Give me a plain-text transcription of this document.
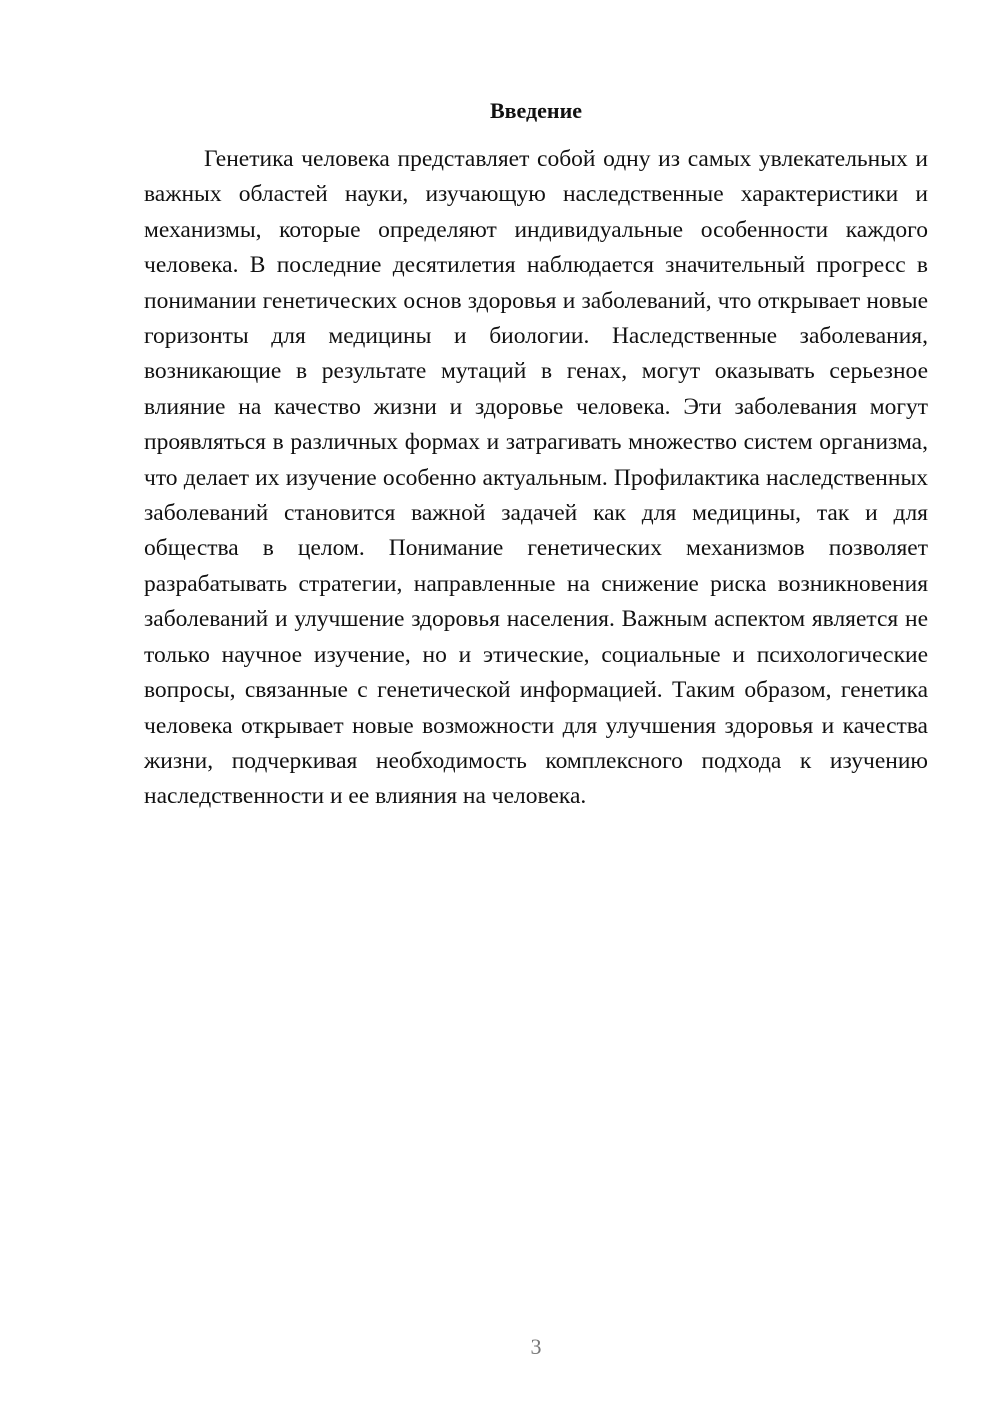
Введение

Генетика человека представляет собой одну из самых увлекательных и важных областей науки, изучающую наследственные характеристики и механизмы, которые определяют индивидуальные особенности каждого человека. В последние десятилетия наблюдается значительный прогресс в понимании генетических основ здоровья и заболеваний, что открывает новые горизонты для медицины и биологии. Наследственные заболевания, возникающие в результате мутаций в генах, могут оказывать серьезное влияние на качество жизни и здоровье человека. Эти заболевания могут проявляться в различных формах и затрагивать множество систем организма, что делает их изучение особенно актуальным. Профилактика наследственных заболеваний становится важной задачей как для медицины, так и для общества в целом. Понимание генетических механизмов позволяет разрабатывать стратегии, направленные на снижение риска возникновения заболеваний и улучшение здоровья населения. Важным аспектом является не только научное изучение, но и этические, социальные и психологические вопросы, связанные с генетической информацией. Таким образом, генетика человека открывает новые возможности для улучшения здоровья и качества жизни, подчеркивая необходимость комплексного подхода к изучению наследственности и ее влияния на человека.

3
